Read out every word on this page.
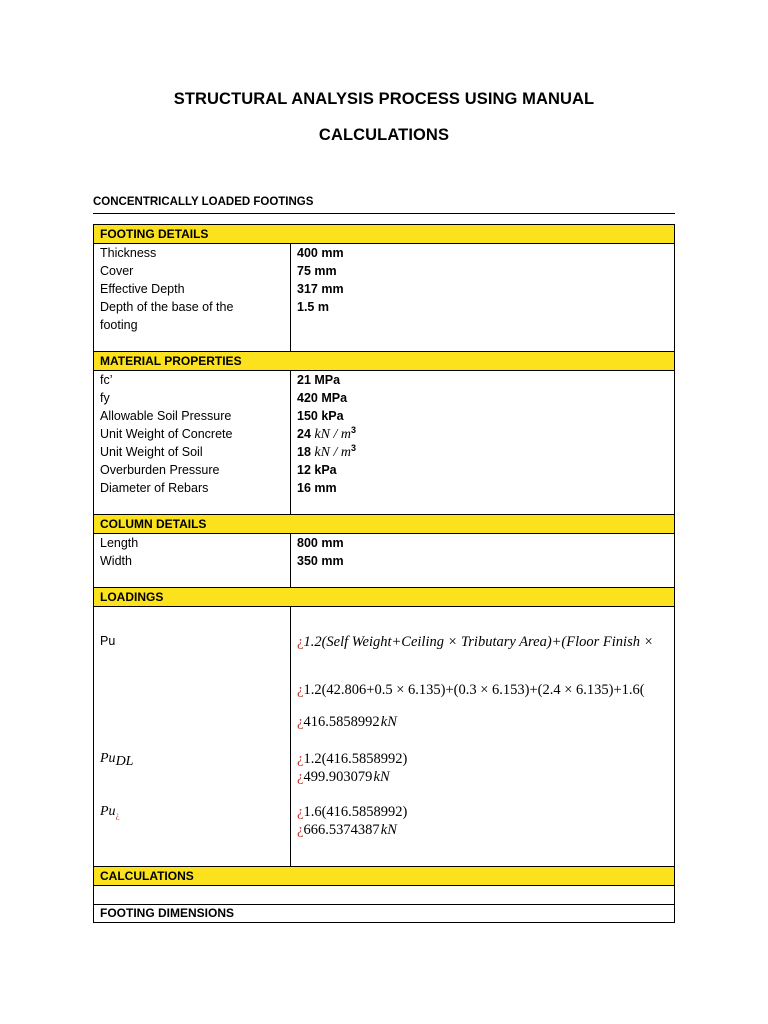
STRUCTURAL ANALYSIS PROCESS USING MANUAL
CALCULATIONS
CONCENTRICALLY LOADED FOOTINGS
FOOTING DETAILS
Thickness
Cover
Effective Depth
Depth of the base of the
footing
400 mm
75 mm
317 mm
1.5 m
MATERIAL PROPERTIES
fc’
fy
Allowable Soil Pressure
Unit Weight of Concrete
Unit Weight of Soil
Overburden Pressure
Diameter of Rebars
21 MPa
420 MPa
150 kPa
24 kN / $m^3$
18 kN / $m^3$
12 kPa
16 mm
COLUMN DETAILS
Length
Width
800 mm
350 mm
LOADINGS
Pu
$Pu_{DL}$
$Pu_¿$
¿1.2(Self Weight+Ceiling × Tributary Area)+(Floor Finish ×
¿1.2(42.806+0.5 × 6.135)+(0.3 × 6.153)+(2.4 × 6.135)+1.6(
¿416.5858992 kN
¿1.2(416.5858992)
¿499.903079 kN
¿1.6(416.5858992)
¿666.5374387 kN
CALCULATIONS
FOOTING DIMENSIONS
